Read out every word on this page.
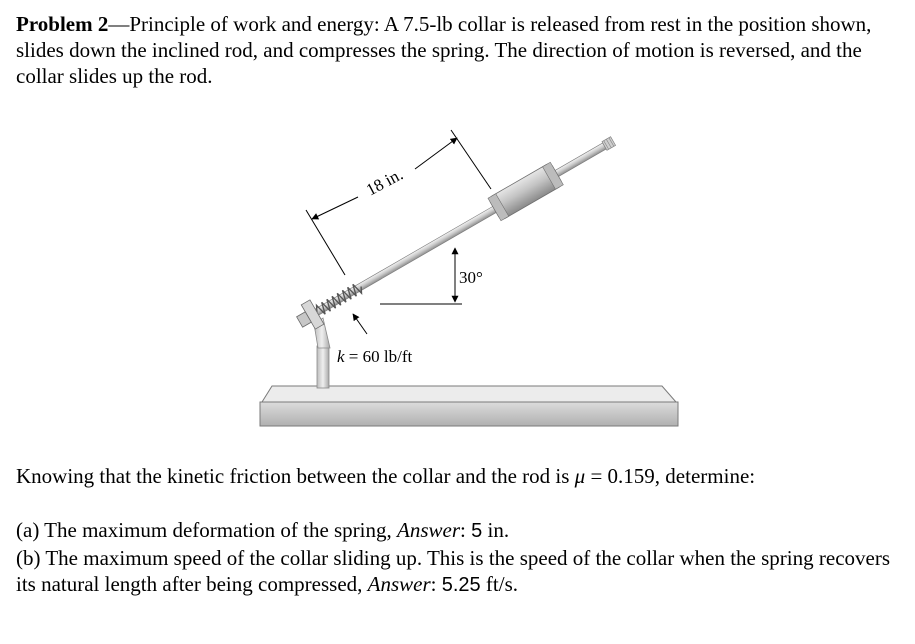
Problem 2—Principle of work and energy: A 7.5-lb collar is released from rest in the position shown, slides down the inclined rod, and compresses the spring. The direction of motion is reversed, and the collar slides up the rod.

18 in.
30°
k = 60 lb/ft

Knowing that the kinetic friction between the collar and the rod is μ = 0.159, determine:

(a) The maximum deformation of the spring, Answer: 5 in.

(b) The maximum speed of the collar sliding up. This is the speed of the collar when the spring recovers its natural length after being compressed, Answer: 5.25 ft/s.
